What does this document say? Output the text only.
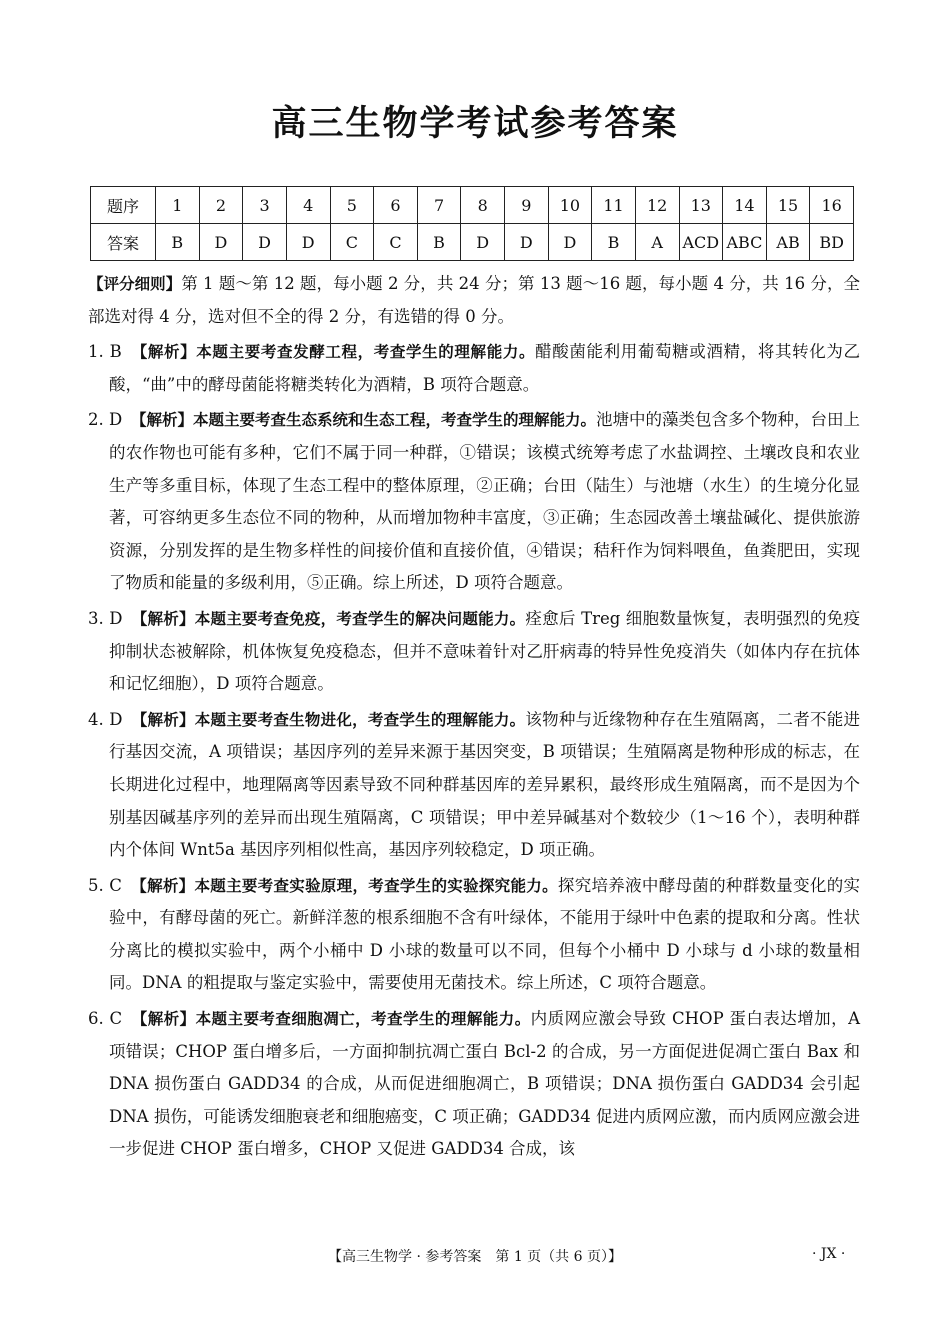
高三生物学考试参考答案
题序	1	2	3	4	5	6	7	8	9	10	11	12	13	14	15	16
答案	B	D	D	D	C	C	B	D	D	D	B	A	ACD	ABC	AB	BD

【评分细则】第 1 题～第 12 题，每小题 2 分，共 24 分；第 13 题～16 题，每小题 4 分，共 16 分，全部选对得 4 分，选对但不全的得 2 分，有选错的得 0 分。

1. B　 【解析】本题主要考查发酵工程，考查学生的理解能力。醋酸菌能利用葡萄糖或酒精，将其转化为乙酸，“曲”中的酵母菌能将糖类转化为酒精，B 项符合题意。

2. D　 【解析】本题主要考查生态系统和生态工程，考查学生的理解能力。池塘中的藻类包含多个物种，台田上的农作物也可能有多种，它们不属于同一种群，①错误；该模式统筹考虑了水盐调控、土壤改良和农业生产等多重目标，体现了生态工程中的整体原理，②正确；台田（陆生）与池塘（水生）的生境分化显著，可容纳更多生态位不同的物种，从而增加物种丰富度，③正确；生态园改善土壤盐碱化、提供旅游资源，分别发挥的是生物多样性的间接价值和直接价值，④错误；秸秆作为饲料喂鱼，鱼粪肥田，实现了物质和能量的多级利用，⑤正确。综上所述，D 项符合题意。

3. D　 【解析】本题主要考查免疫，考查学生的解决问题能力。痊愈后 Treg 细胞数量恢复，表明强烈的免疫抑制状态被解除，机体恢复免疫稳态，但并不意味着针对乙肝病毒的特异性免疫消失（如体内存在抗体和记忆细胞），D 项符合题意。

4. D　 【解析】本题主要考查生物进化，考查学生的理解能力。该物种与近缘物种存在生殖隔离，二者不能进行基因交流，A 项错误；基因序列的差异来源于基因突变，B 项错误；生殖隔离是物种形成的标志，在长期进化过程中，地理隔离等因素导致不同种群基因库的差异累积，最终形成生殖隔离，而不是因为个别基因碱基序列的差异而出现生殖隔离，C 项错误；甲中差异碱基对个数较少（1～16 个），表明种群内个体间 Wnt5a 基因序列相似性高，基因序列较稳定，D 项正确。

5. C　 【解析】本题主要考查实验原理，考查学生的实验探究能力。探究培养液中酵母菌的种群数量变化的实验中，有酵母菌的死亡。新鲜洋葱的根系细胞不含有叶绿体，不能用于绿叶中色素的提取和分离。性状分离比的模拟实验中，两个小桶中 D 小球的数量可以不同，但每个小桶中 D 小球与 d 小球的数量相同。DNA 的粗提取与鉴定实验中，需要使用无菌技术。综上所述，C 项符合题意。

6. C　 【解析】本题主要考查细胞凋亡，考查学生的理解能力。内质网应激会导致 CHOP 蛋白表达增加，A 项错误；CHOP 蛋白增多后，一方面抑制抗凋亡蛋白 Bcl-2 的合成，另一方面促进促凋亡蛋白 Bax 和 DNA 损伤蛋白 GADD34 的合成，从而促进细胞凋亡，B 项错误；DNA 损伤蛋白 GADD34 会引起 DNA 损伤，可能诱发细胞衰老和细胞癌变，C 项正确；GADD34 促进内质网应激，而内质网应激会进一步促进 CHOP 蛋白增多，CHOP 又促进 GADD34 合成，该

【高三生物学 · 参考答案　第 1 页（共 6 页）】	· JX ·
